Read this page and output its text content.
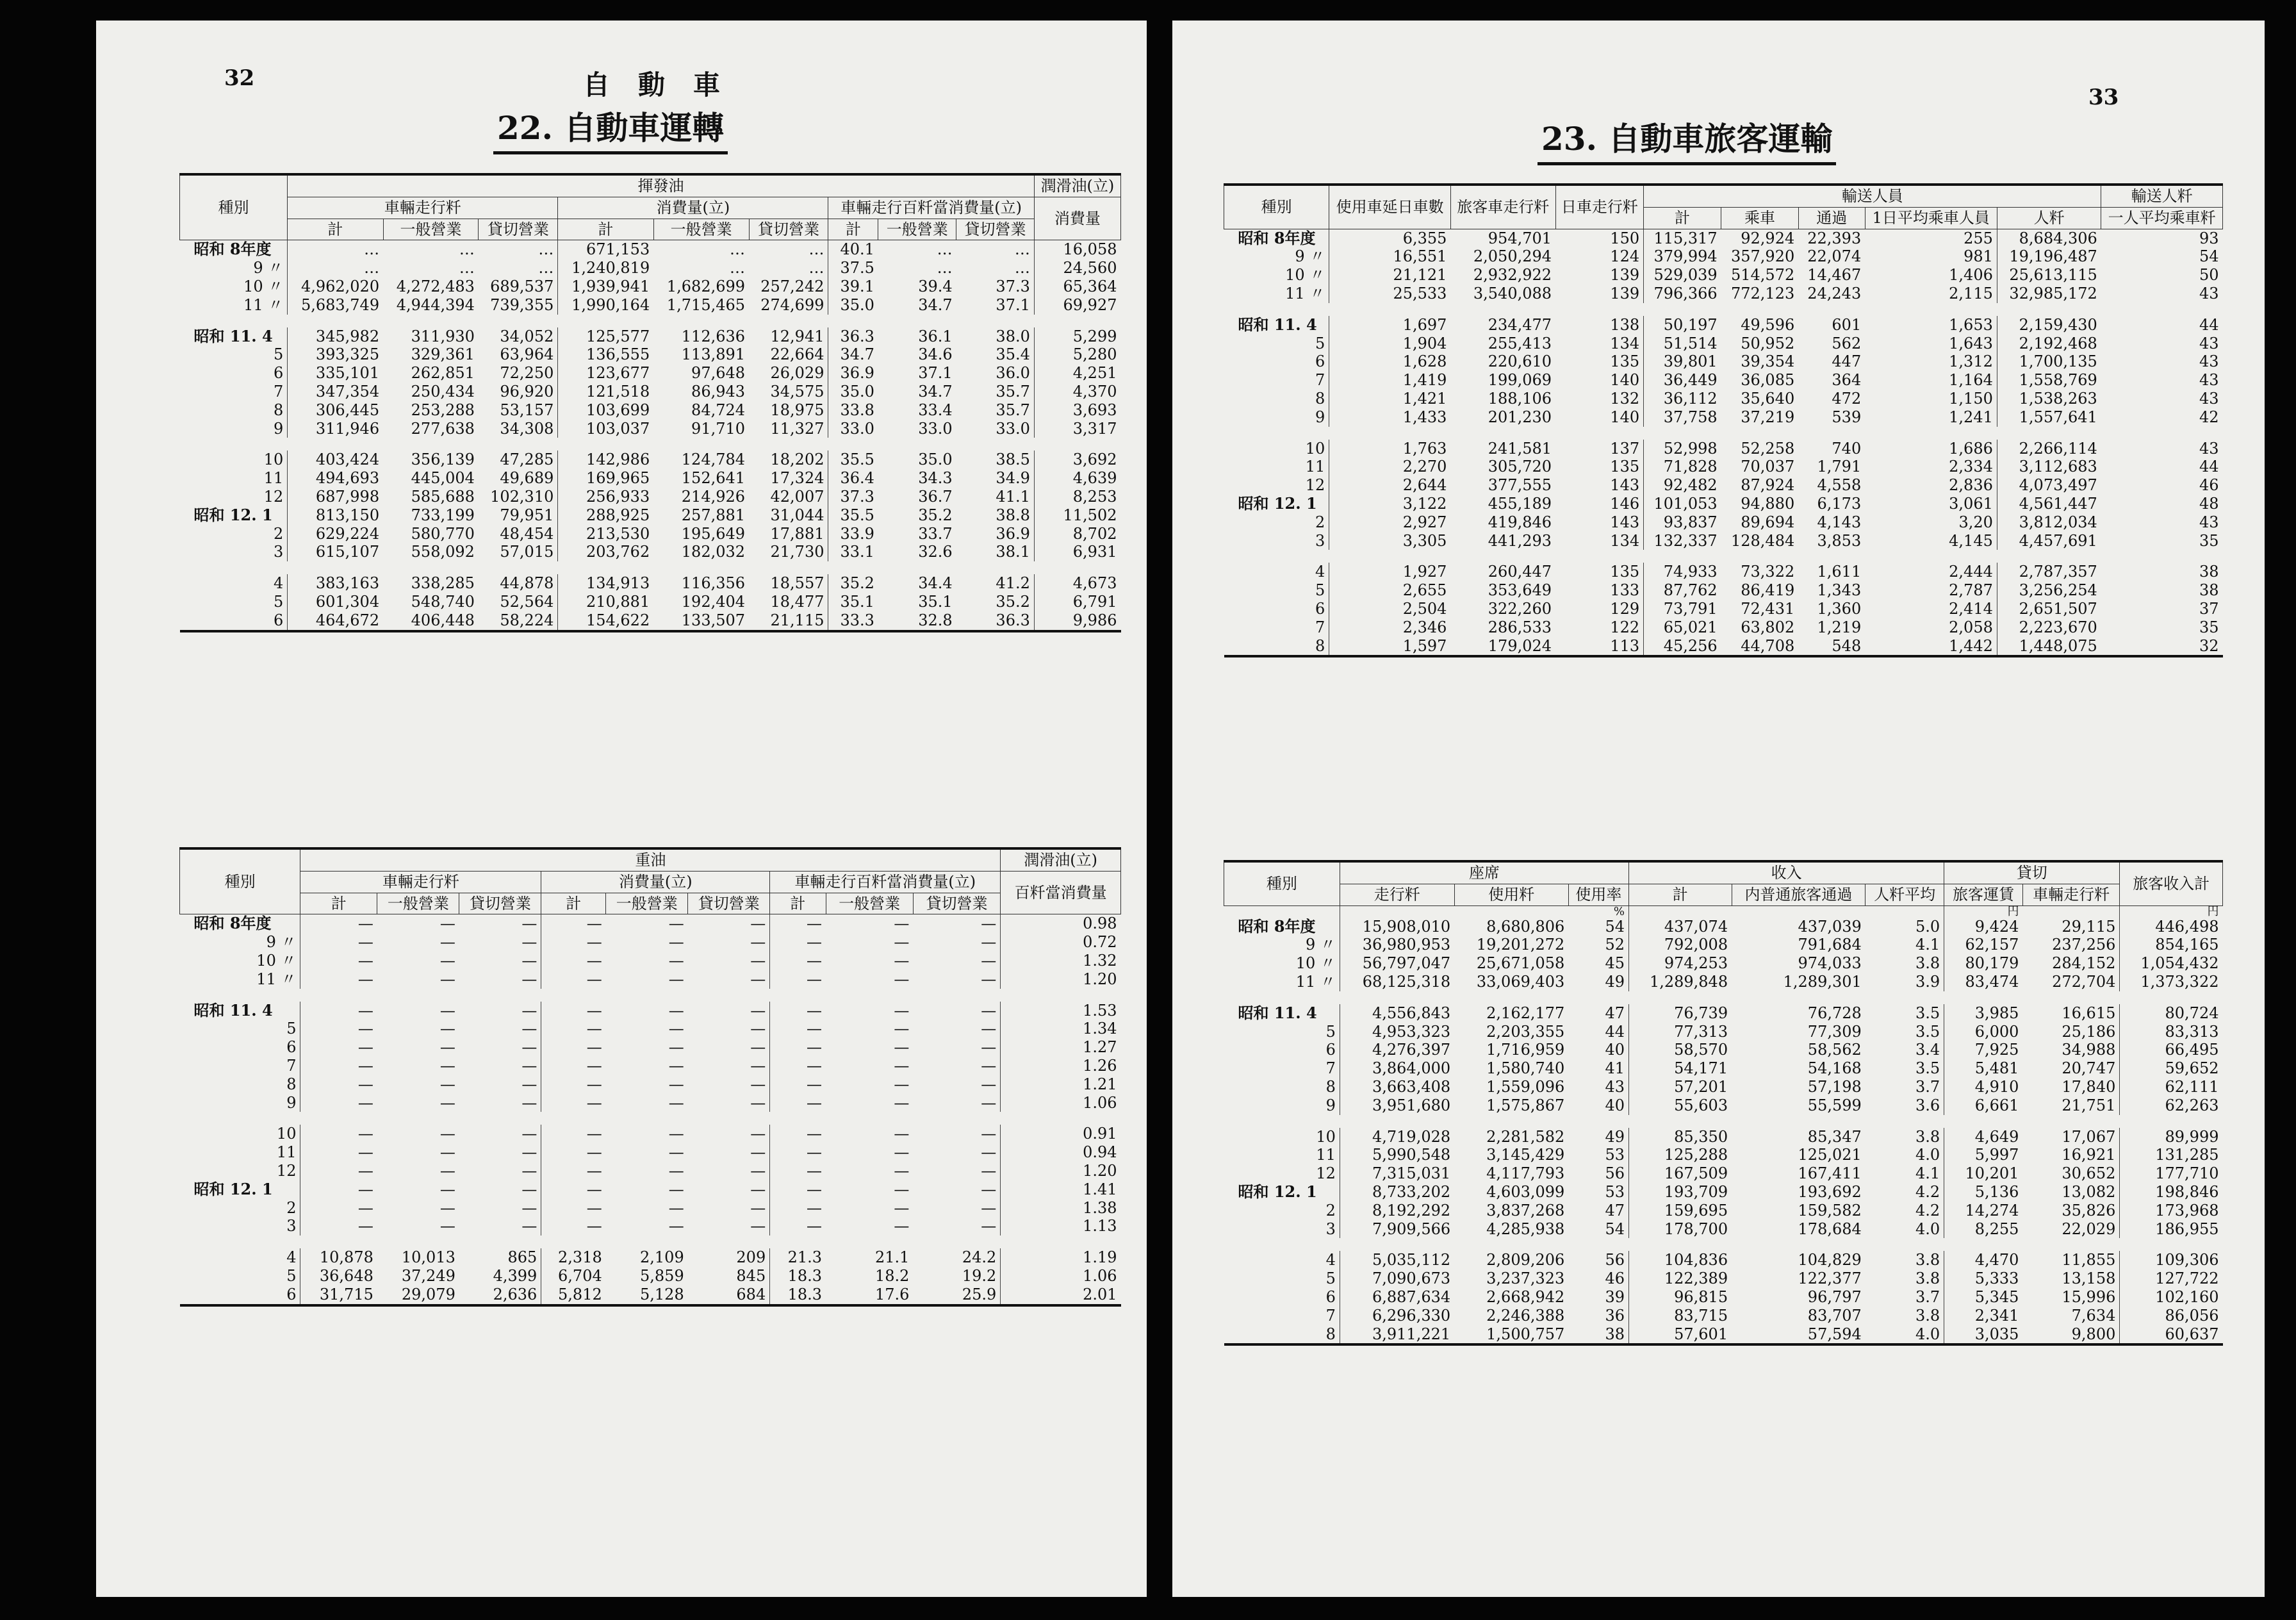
32	自動車
22. 自動車運轉
種別	揮發油									潤滑油(立)
	車輛走行粁			消費量(立)			車輛走行百粁當消費量(立)			消費量
	計	一般營業	貸切營業	計	一般營業	貸切營業	計	一般營業	貸切營業	
昭和 8年度	…	…	…	671,153	…	…	40.1	…	…	16,058
9 〃	…	…	…	1,240,819	…	…	37.5	…	…	24,560
10 〃	4,962,020	4,272,483	689,537	1,939,941	1,682,699	257,242	39.1	39.4	37.3	65,364
11 〃	5,683,749	4,944,394	739,355	1,990,164	1,715,465	274,699	35.0	34.7	37.1	69,927

昭和 11. 4	345,982	311,930	34,052	125,577	112,636	12,941	36.3	36.1	38.0	5,299
5	393,325	329,361	63,964	136,555	113,891	22,664	34.7	34.6	35.4	5,280
6	335,101	262,851	72,250	123,677	97,648	26,029	36.9	37.1	36.0	4,251
7	347,354	250,434	96,920	121,518	86,943	34,575	35.0	34.7	35.7	4,370
8	306,445	253,288	53,157	103,699	84,724	18,975	33.8	33.4	35.7	3,693
9	311,946	277,638	34,308	103,037	91,710	11,327	33.0	33.0	33.0	3,317

10	403,424	356,139	47,285	142,986	124,784	18,202	35.5	35.0	38.5	3,692
11	494,693	445,004	49,689	169,965	152,641	17,324	36.4	34.3	34.9	4,639
12	687,998	585,688	102,310	256,933	214,926	42,007	37.3	36.7	41.1	8,253
昭和 12. 1	813,150	733,199	79,951	288,925	257,881	31,044	35.5	35.2	38.8	11,502
2	629,224	580,770	48,454	213,530	195,649	17,881	33.9	33.7	36.9	8,702
3	615,107	558,092	57,015	203,762	182,032	21,730	33.1	32.6	38.1	6,931

4	383,163	338,285	44,878	134,913	116,356	18,557	35.2	34.4	41.2	4,673
5	601,304	548,740	52,564	210,881	192,404	18,477	35.1	35.1	35.2	6,791
6	464,672	406,448	58,224	154,622	133,507	21,115	33.3	32.8	36.3	9,986
種別	重油									潤滑油(立)
	車輛走行粁			消費量(立)			車輛走行百粁當消費量(立)			百粁當消費量
	計	一般營業	貸切營業	計	一般營業	貸切營業	計	一般營業	貸切營業	
昭和 8年度	—	—	—	—	—	—	—	—	—	0.98
9 〃	—	—	—	—	—	—	—	—	—	0.72
10 〃	—	—	—	—	—	—	—	—	—	1.32
11 〃	—	—	—	—	—	—	—	—	—	1.20

昭和 11. 4	—	—	—	—	—	—	—	—	—	1.53
5	—	—	—	—	—	—	—	—	—	1.34
6	—	—	—	—	—	—	—	—	—	1.27
7	—	—	—	—	—	—	—	—	—	1.26
8	—	—	—	—	—	—	—	—	—	1.21
9	—	—	—	—	—	—	—	—	—	1.06

10	—	—	—	—	—	—	—	—	—	0.91
11	—	—	—	—	—	—	—	—	—	0.94
12	—	—	—	—	—	—	—	—	—	1.20
昭和 12. 1	—	—	—	—	—	—	—	—	—	1.41
2	—	—	—	—	—	—	—	—	—	1.38
3	—	—	—	—	—	—	—	—	—	1.13

4	10,878	10,013	865	2,318	2,109	209	21.3	21.1	24.2	1.19
5	36,648	37,249	4,399	6,704	5,859	845	18.3	18.2	19.2	1.06
6	31,715	29,079	2,636	5,812	5,128	684	18.3	17.6	25.9	2.01
33
23. 自動車旅客運輸
種別	使用車延日車數	旅客車走行粁	日車走行粁	輸送人員					輸送人粁
				計	乘車	通過	1日平均乘車人員	人粁	一人平均乘車粁
昭和 8年度	6,355	954,701	150	115,317	92,924	22,393	255	8,684,306	93
9 〃	16,551	2,050,294	124	379,994	357,920	22,074	981	19,196,487	54
10 〃	21,121	2,932,922	139	529,039	514,572	14,467	1,406	25,613,115	50
11 〃	25,533	3,540,088	139	796,366	772,123	24,243	2,115	32,985,172	43

昭和 11. 4	1,697	234,477	138	50,197	49,596	601	1,653	2,159,430	44
5	1,904	255,413	134	51,514	50,952	562	1,643	2,192,468	43
6	1,628	220,610	135	39,801	39,354	447	1,312	1,700,135	43
7	1,419	199,069	140	36,449	36,085	364	1,164	1,558,769	43
8	1,421	188,106	132	36,112	35,640	472	1,150	1,538,263	43
9	1,433	201,230	140	37,758	37,219	539	1,241	1,557,641	42

10	1,763	241,581	137	52,998	52,258	740	1,686	2,266,114	43
11	2,270	305,720	135	71,828	70,037	1,791	2,334	3,112,683	44
12	2,644	377,555	143	92,482	87,924	4,558	2,836	4,073,497	46
昭和 12. 1	3,122	455,189	146	101,053	94,880	6,173	3,061	4,561,447	48
2	2,927	419,846	143	93,837	89,694	4,143	3,20	3,812,034	43
3	3,305	441,293	134	132,337	128,484	3,853	4,145	4,457,691	35

4	1,927	260,447	135	74,933	73,322	1,611	2,444	2,787,357	38
5	2,655	353,649	133	87,762	86,419	1,343	2,787	3,256,254	38
6	2,504	322,260	129	73,791	72,431	1,360	2,414	2,651,507	37
7	2,346	286,533	122	65,021	63,802	1,219	2,058	2,223,670	35
8	1,597	179,024	113	45,256	44,708	548	1,442	1,448,075	32
種別	座席			收入			貸切		旅客收入計
	走行粁	使用粁	使用率	計	内普通旅客通過	人粁平均	旅客運賃	車輛走行粁	
			%				円		円
昭和 8年度	15,908,010	8,680,806	54	437,074	437,039	5.0	9,424	29,115	446,498
9 〃	36,980,953	19,201,272	52	792,008	791,684	4.1	62,157	237,256	854,165
10 〃	56,797,047	25,671,058	45	974,253	974,033	3.8	80,179	284,152	1,054,432
11 〃	68,125,318	33,069,403	49	1,289,848	1,289,301	3.9	83,474	272,704	1,373,322

昭和 11. 4	4,556,843	2,162,177	47	76,739	76,728	3.5	3,985	16,615	80,724
5	4,953,323	2,203,355	44	77,313	77,309	3.5	6,000	25,186	83,313
6	4,276,397	1,716,959	40	58,570	58,562	3.4	7,925	34,988	66,495
7	3,864,000	1,580,740	41	54,171	54,168	3.5	5,481	20,747	59,652
8	3,663,408	1,559,096	43	57,201	57,198	3.7	4,910	17,840	62,111
9	3,951,680	1,575,867	40	55,603	55,599	3.6	6,661	21,751	62,263

10	4,719,028	2,281,582	49	85,350	85,347	3.8	4,649	17,067	89,999
11	5,990,548	3,145,429	53	125,288	125,021	4.0	5,997	16,921	131,285
12	7,315,031	4,117,793	56	167,509	167,411	4.1	10,201	30,652	177,710
昭和 12. 1	8,733,202	4,603,099	53	193,709	193,692	4.2	5,136	13,082	198,846
2	8,192,292	3,837,268	47	159,695	159,582	4.2	14,274	35,826	173,968
3	7,909,566	4,285,938	54	178,700	178,684	4.0	8,255	22,029	186,955

4	5,035,112	2,809,206	56	104,836	104,829	3.8	4,470	11,855	109,306
5	7,090,673	3,237,323	46	122,389	122,377	3.8	5,333	13,158	127,722
6	6,887,634	2,668,942	39	96,815	96,797	3.7	5,345	15,996	102,160
7	6,296,330	2,246,388	36	83,715	83,707	3.8	2,341	7,634	86,056
8	3,911,221	1,500,757	38	57,601	57,594	4.0	3,035	9,800	60,637
